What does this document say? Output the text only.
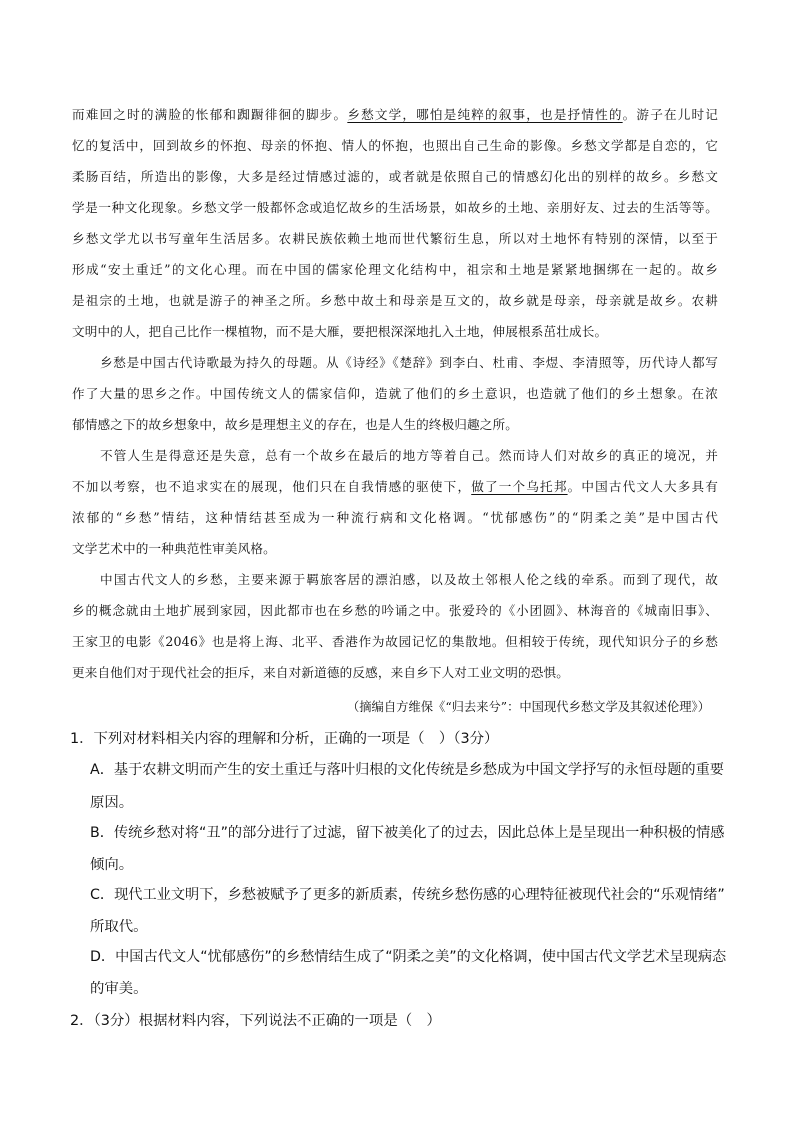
而难回之时的满脸的怅郁和踟蹰徘徊的脚步。乡愁文学，哪怕是纯粹的叙事，也是抒情性的。游子在儿时记

忆的复活中，回到故乡的怀抱、母亲的怀抱、情人的怀抱，也照出自己生命的影像。乡愁文学都是自恋的，它

柔肠百结，所造出的影像，大多是经过情感过滤的，或者就是依照自己的情感幻化出的别样的故乡。乡愁文

学是一种文化现象。乡愁文学一般都怀念或追忆故乡的生活场景，如故乡的土地、亲朋好友、过去的生活等等。

乡愁文学尤以书写童年生活居多。农耕民族依赖土地而世代繁衍生息，所以对土地怀有特别的深情，以至于

形成“安土重迁”的文化心理。而在中国的儒家伦理文化结构中，祖宗和土地是紧紧地捆绑在一起的。故乡

是祖宗的土地，也就是游子的神圣之所。乡愁中故土和母亲是互文的，故乡就是母亲，母亲就是故乡。农耕

文明中的人，把自己比作一棵植物，而不是大雁，要把根深深地扎入土地，伸展根系茁壮成长。

乡愁是中国古代诗歌最为持久的母题。从《诗经》《楚辞》到李白、杜甫、李煜、李清照等，历代诗人都写

作了大量的思乡之作。中国传统文人的儒家信仰，造就了他们的乡土意识，也造就了他们的乡土想象。在浓

郁情感之下的故乡想象中，故乡是理想主义的存在，也是人生的终极归趣之所。

不管人生是得意还是失意，总有一个故乡在最后的地方等着自己。然而诗人们对故乡的真正的境况，并

不加以考察，也不追求实在的展现，他们只在自我情感的驱使下，做了一个乌托邦。中国古代文人大多具有

浓郁的“乡愁”情结，这种情结甚至成为一种流行病和文化格调。“忧郁感伤”的“阴柔之美”是中国古代

文学艺术中的一种典范性审美风格。

中国古代文人的乡愁，主要来源于羁旅客居的漂泊感，以及故土邻根人伦之线的牵系。而到了现代，故

乡的概念就由土地扩展到家园，因此都市也在乡愁的吟诵之中。张爱玲的《小团圆》、林海音的《城南旧事》、

王家卫的电影《2046》也是将上海、北平、香港作为故园记忆的集散地。但相较于传统，现代知识分子的乡愁

更来自他们对于现代社会的拒斥，来自对新道德的反感，来自乡下人对工业文明的恐惧。

（摘编自方维保《“归去来兮”：中国现代乡愁文学及其叙述伦理》）

1．下列对材料相关内容的理解和分析，正确的一项是（　）（3分）

A．基于农耕文明而产生的安土重迁与落叶归根的文化传统是乡愁成为中国文学抒写的永恒母题的重要

原因。

B．传统乡愁对将“丑”的部分进行了过滤，留下被美化了的过去，因此总体上是呈现出一种积极的情感

倾向。

C．现代工业文明下，乡愁被赋予了更多的新质素，传统乡愁伤感的心理特征被现代社会的“乐观情绪”

所取代。

D．中国古代文人“忧郁感伤”的乡愁情结生成了“阴柔之美”的文化格调，使中国古代文学艺术呈现病态

的审美。

2．（3分）根据材料内容，下列说法不正确的一项是（　）
